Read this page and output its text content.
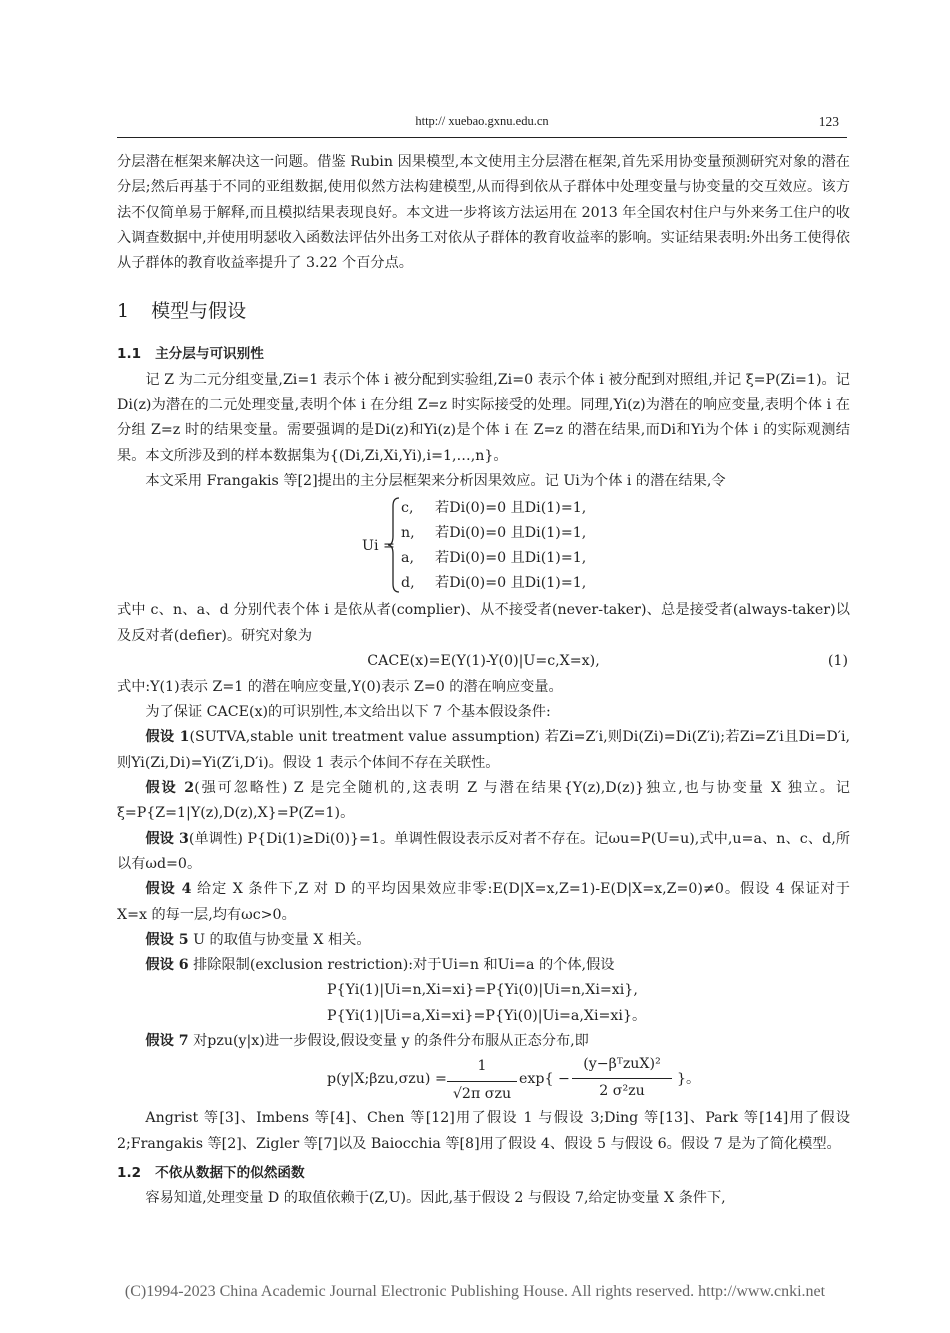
http:// xuebao.gxnu.edu.cn	123

分层潜在框架来解决这一问题。借鉴 Rubin 因果模型,本文使用主分层潜在框架,首先采用协变量预测研究对象的潜在分层;然后再基于不同的亚组数据,使用似然方法构建模型,从而得到依从子群体中处理变量与协变量的交互效应。该方法不仅简单易于解释,而且模拟结果表现良好。本文进一步将该方法运用在 2013 年全国农村住户与外来务工住户的收入调查数据中,并使用明瑟收入函数法评估外出务工对依从子群体的教育收益率的影响。实证结果表明:外出务工使得依从子群体的教育收益率提升了 3.22 个百分点。

1 模型与假设
1.1 主分层与可识别性

记 Z 为二元分组变量,Zi=1 表示个体 i 被分配到实验组,Zi=0 表示个体 i 被分配到对照组,并记 ξ=P(Zi=1)。记Di(z)为潜在的二元处理变量,表明个体 i 在分组 Z=z 时实际接受的处理。同理,Yi(z)为潜在的响应变量,表明个体 i 在分组 Z=z 时的结果变量。需要强调的是Di(z)和Yi(z)是个体 i 在 Z=z 的潜在结果,而Di和Yi为个体 i 的实际观测结果。本文所涉及到的样本数据集为{(Di,Zi,Xi,Yi),i=1,…,n}。

本文采用 Frangakis 等[2]提出的主分层框架来分析因果效应。记 Ui为个体 i 的潜在结果,令

Ui =
c, 若Di(0)=0 且Di(1)=1,
n, 若Di(0)=0 且Di(1)=1,
a, 若Di(0)=0 且Di(1)=1,
d, 若Di(0)=0 且Di(1)=1,

式中 c、n、a、d 分别代表个体 i 是依从者(complier)、从不接受者(never-taker)、总是接受者(always-taker)以及反对者(defier)。研究对象为

CACE(x)=E(Y(1)-Y(0)|U=c,X=x),	(1)

式中:Y(1)表示 Z=1 的潜在响应变量,Y(0)表示 Z=0 的潜在响应变量。

为了保证 CACE(x)的可识别性,本文给出以下 7 个基本假设条件:

假设 1(SUTVA,stable unit treatment value assumption) 若Zi=Z′i,则Di(Zi)=Di(Z′i);若Zi=Z′i且Di=D′i,则Yi(Zi,Di)=Yi(Z′i,D′i)。假设 1 表示个体间不存在关联性。

假设 2(强可忽略性) Z 是完全随机的,这表明 Z 与潜在结果{Y(z),D(z)}独立,也与协变量 X 独立。记 ξ=P{Z=1|Y(z),D(z),X}=P(Z=1)。

假设 3(单调性) P{Di(1)≥Di(0)}=1。单调性假设表示反对者不存在。记ωu=P(U=u),式中,u=a、n、c、d,所以有ωd=0。

假设 4 给定 X 条件下,Z 对 D 的平均因果效应非零:E(D|X=x,Z=1)-E(D|X=x,Z=0)≠0。假设 4 保证对于 X=x 的每一层,均有ωc>0。

假设 5 U 的取值与协变量 X 相关。

假设 6 排除限制(exclusion restriction):对于Ui=n 和Ui=a 的个体,假设

P{Yi(1)|Ui=n,Xi=xi}=P{Yi(0)|Ui=n,Xi=xi},

P{Yi(1)|Ui=a,Xi=xi}=P{Yi(0)|Ui=a,Xi=xi}。

假设 7 对pzu(y|x)进一步假设,假设变量 y 的条件分布服从正态分布,即

p(y|X;βzu,σzu) =
1
√2π σzu
exp{ −
(y−βᵀzuX)²
2 σ²zu
}。

Angrist 等[3]、Imbens 等[4]、Chen 等[12]用了假设 1 与假设 3;Ding 等[13]、Park 等[14]用了假设 2;Frangakis 等[2]、Zigler 等[7]以及 Baiocchia 等[8]用了假设 4、假设 5 与假设 6。假设 7 是为了简化模型。

1.2 不依从数据下的似然函数

容易知道,处理变量 D 的取值依赖于(Z,U)。因此,基于假设 2 与假设 7,给定协变量 X 条件下,

(C)1994-2023 China Academic Journal Electronic Publishing House. All rights reserved. http://www.cnki.net
